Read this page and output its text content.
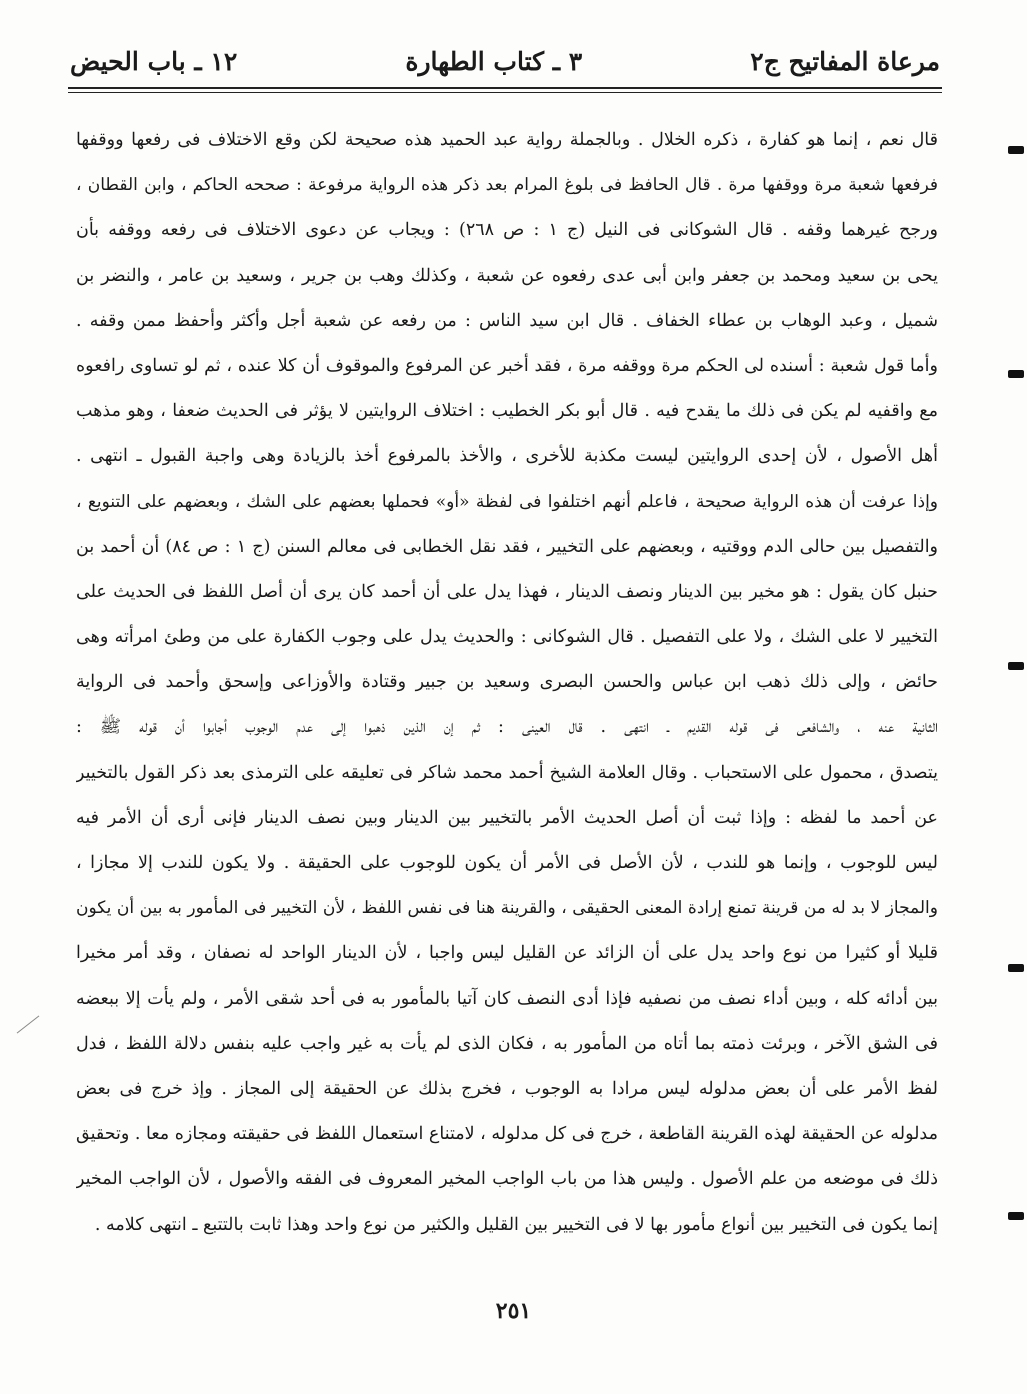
مرعاة المفاتيح ج٢
٣ ـ كتاب الطهارة
١٢ ـ باب الحيض
قال نعم ، إنما هو كفارة ، ذكره الخلال . وبالجملة رواية عبد الحميد هذه صحيحة لكن وقع الاختلاف فى رفعها ووقفها
فرفعها شعبة مرة ووقفها مرة . قال الحافظ فى بلوغ المرام بعد ذكر هذه الرواية مرفوعة : صححه الحاكم ، وابن القطان ،
ورجح غيرهما وقفه . قال الشوكانى فى النيل (ج ١ : ص ٢٦٨) : ويجاب عن دعوى الاختلاف فى رفعه ووقفه بأن
يحى بن سعيد ومحمد بن جعفر وابن أبى عدى رفعوه عن شعبة ، وكذلك وهب بن جرير ، وسعيد بن عامر ، والنضر بن
شميل ، وعبد الوهاب بن عطاء الخفاف . قال ابن سيد الناس : من رفعه عن شعبة أجل وأكثر وأحفظ ممن وقفه .
وأما قول شعبة : أسنده لى الحكم مرة ووقفه مرة ، فقد أخبر عن المرفوع والموقوف أن كلا عنده ، ثم لو تساوى رافعوه
مع واقفيه لم يكن فى ذلك ما يقدح فيه . قال أبو بكر الخطيب : اختلاف الروايتين لا يؤثر فى الحديث ضعفا ، وهو مذهب
أهل الأصول ، لأن إحدى الروايتين ليست مكذبة للأخرى ، والأخذ بالمرفوع أخذ بالزيادة وهى واجبة القبول ـ انتهى .
وإذا عرفت أن هذه الرواية صحيحة ، فاعلم أنهم اختلفوا فى لفظة «أو» فحملها بعضهم على الشك ، وبعضهم على التنويع ،
والتفصيل بين حالى الدم ووقتيه ، وبعضهم على التخيير ، فقد نقل الخطابى فى معالم السنن (ج ١ : ص ٨٤) أن أحمد بن
حنبل كان يقول : هو مخير بين الدينار ونصف الدينار ، فهذا يدل على أن أحمد كان يرى أن أصل اللفظ فى الحديث على
التخيير لا على الشك ، ولا على التفصيل . قال الشوكانى : والحديث يدل على وجوب الكفارة على من وطئ امرأته وهى
حائض ، وإلى ذلك ذهب ابن عباس والحسن البصرى وسعيد بن جبير وقتادة والأوزاعى وإسحق وأحمد فى الرواية
الثانية عنه ، والشافعى فى قوله القديم ـ انتهى . قال العينى : ثم إن الذين ذهبوا إلى عدم الوجوب أجابوا أن قوله ﷺ :
يتصدق ، محمول على الاستحباب . وقال العلامة الشيخ أحمد محمد شاكر فى تعليقه على الترمذى بعد ذكر القول بالتخيير
عن أحمد ما لفظه : وإذا ثبت أن أصل الحديث الأمر بالتخيير بين الدينار وبين نصف الدينار فإنى أرى أن الأمر فيه
ليس للوجوب ، وإنما هو للندب ، لأن الأصل فى الأمر أن يكون للوجوب على الحقيقة . ولا يكون للندب إلا مجازا ،
والمجاز لا بد له من قرينة تمنع إرادة المعنى الحقيقى ، والقرينة هنا فى نفس اللفظ ، لأن التخيير فى المأمور به بين أن يكون
قليلا أو كثيرا من نوع واحد يدل على أن الزائد عن القليل ليس واجبا ، لأن الدينار الواحد له نصفان ، وقد أمر مخيرا
بين أدائه كله ، وبين أداء نصف من نصفيه فإذا أدى النصف كان آتيا بالمأمور به فى أحد شقى الأمر ، ولم يأت إلا ببعضه
فى الشق الآخر ، وبرئت ذمته بما أتاه من المأمور به ، فكان الذى لم يأت به غير واجب عليه بنفس دلالة اللفظ ، فدل
لفظ الأمر على أن بعض مدلوله ليس مرادا به الوجوب ، فخرج بذلك عن الحقيقة إلى المجاز . وإذ خرج فى بعض
مدلوله عن الحقيقة لهذه القرينة القاطعة ، خرج فى كل مدلوله ، لامتناع استعمال اللفظ فى حقيقته ومجازه معا . وتحقيق
ذلك فى موضعه من علم الأصول . وليس هذا من باب الواجب المخير المعروف فى الفقه والأصول ، لأن الواجب المخير
إنما يكون فى التخيير بين أنواع مأمور بها لا فى التخيير بين القليل والكثير من نوع واحد وهذا ثابت بالتتبع ـ انتهى كلامه .
٢٥١
